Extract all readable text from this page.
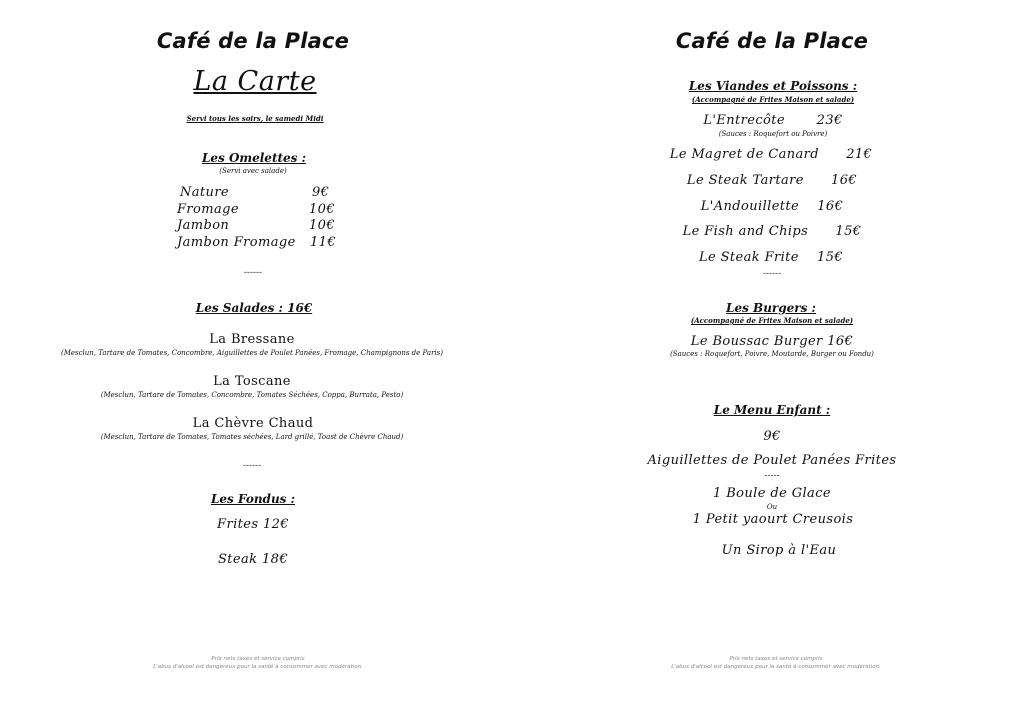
Café de la Place
La Carte
Servi tous les soirs, le samedi Midi
Les Omelettes :
(Servi avec salade)
Nature	9€
Fromage	10€
Jambon	10€
Jambon Fromage 11€
------
Les Salades : 16€
La Bressane
(Mesclun, Tartare de Tomates, Concombre, Aiguillettes de Poulet Panées, Fromage, Champignons de Paris)
La Toscane
(Mesclun, Tartare de Tomates, Concombre, Tomates Séchées, Coppa, Burrata, Pesto)
La Chèvre Chaud
(Mesclun, Tartare de Tomates, Tomates séchées, Lard grillé, Toast de Chèvre Chaud)
------
Les Fondus :
Frites 12€
Steak 18€
Prix nets taxes et service compris
L'abus d'alcool est dangereux pour la santé à consommer avec modération.
Café de la Place
Les Viandes et Poissons :
(Accompagné de Frites Maison et salade)
L'Entrecôte       23€
(Sauces : Roquefort ou Poivre)
Le Magret de Canard      21€
Le Steak Tartare      16€
L'Andouillette    16€
Le Fish and Chips      15€
Le Steak Frite    15€
------
Les Burgers :
(Accompagné de Frites Maison et salade)
Le Boussac Burger 16€
(Sauces : Roquefort, Poivre, Moutarde, Burger ou Fondu)
Le Menu Enfant :
9€
Aiguillettes de Poulet Panées Frites
-----
1 Boule de Glace
Ou
1 Petit yaourt Creusois
Un Sirop à l'Eau
Prix nets taxes et service compris
L'abus d'alcool est dangereux pour la santé à consommer avec modération.
